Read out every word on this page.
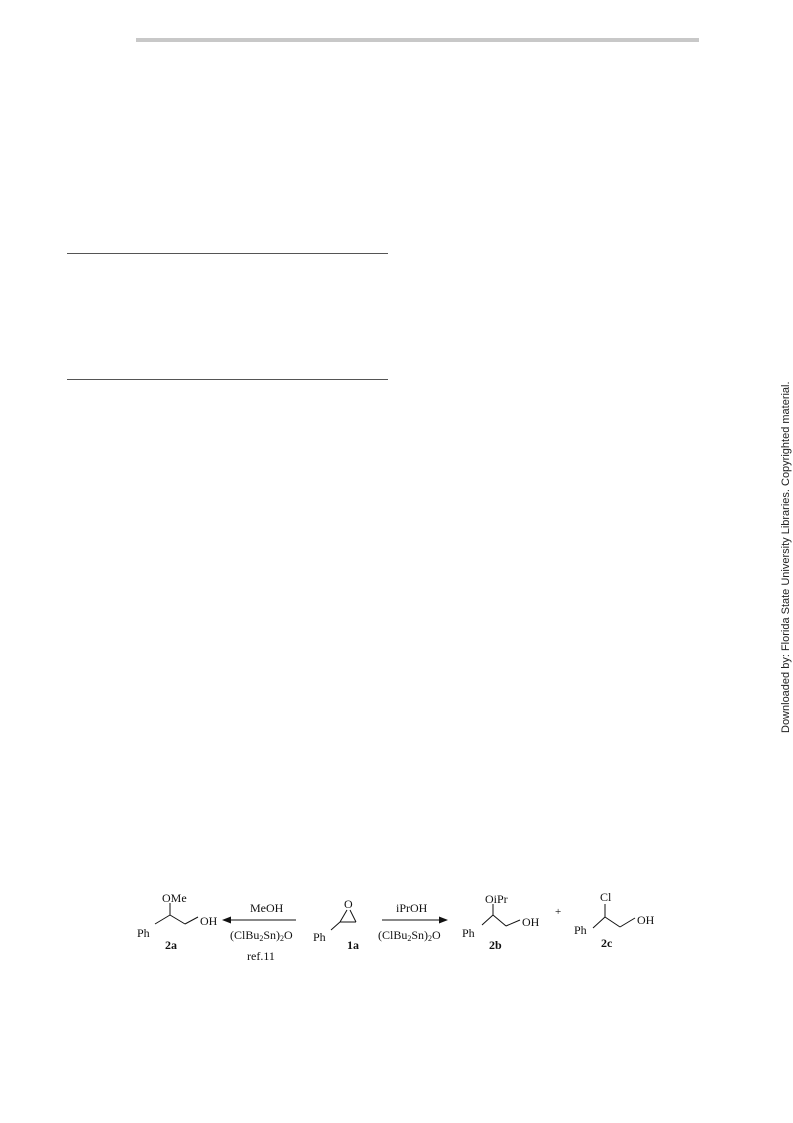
Downloaded by: Florida State University Libraries. Copyrighted material.
OMe
Ph
OH
2a
MeOH
$(ClBu_2Sn)_2O$
ref.11
O
Ph
1a
iPrOH
$(ClBu_2Sn)_2O$
OiPr
Ph
OH
2b
+
Cl
Ph
OH
2c
